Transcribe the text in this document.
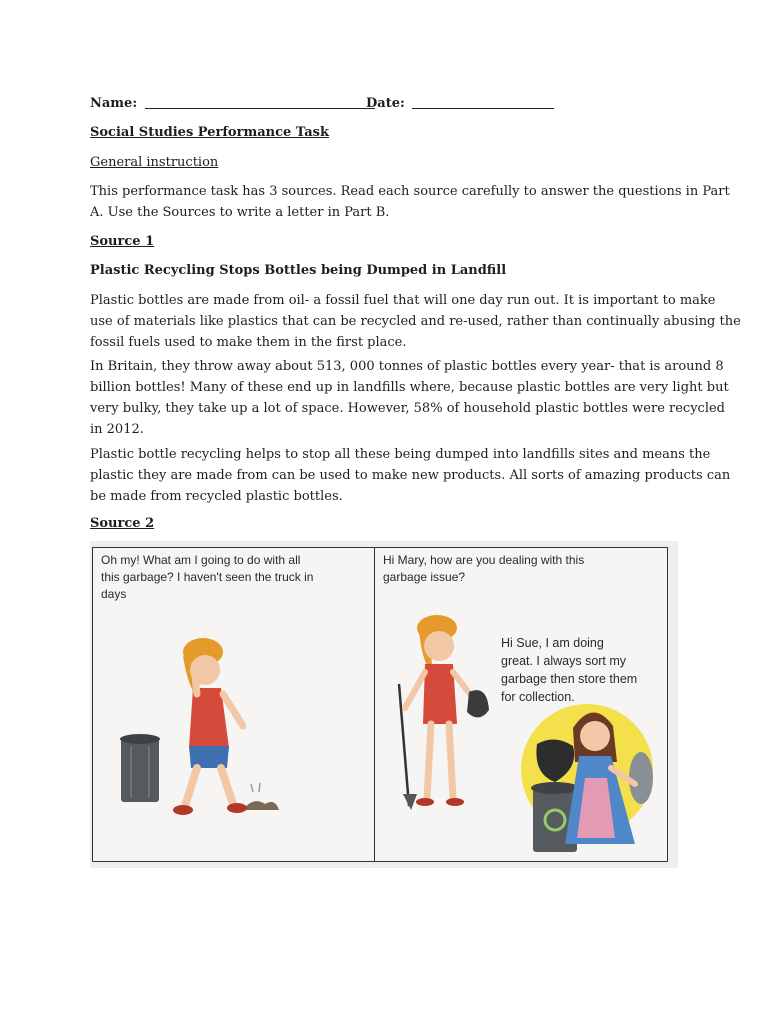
Name:	Date:
Social Studies Performance Task
General instruction
This performance task has 3 sources. Read each source carefully to answer the questions in Part
A. Use the Sources to write a letter in Part B.
Source 1
Plastic Recycling Stops Bottles being Dumped in Landfill
Plastic bottles are made from oil- a fossil fuel that will one day run out. It is important to make
use of materials like plastics that can be recycled and re-used, rather than continually abusing the
fossil fuels used to make them in the first place.
In Britain, they throw away about 513, 000 tonnes of plastic bottles every year- that is around 8
billion bottles! Many of these end up in landfills where, because plastic bottles are very light but
very bulky, they take up a lot of space. However, 58% of household plastic bottles were recycled
in 2012.
Plastic bottle recycling helps to stop all these being dumped into landfills sites and means the
plastic they are made from can be used to make new products. All sorts of amazing products can
be made from recycled plastic bottles.
Source 2
Oh my! What am I going to do with all
this garbage? I haven't seen the truck in
days
Hi Mary, how are you dealing with this
garbage issue?
Hi Sue, I am doing
great. I always sort my
garbage then store them
for collection.
